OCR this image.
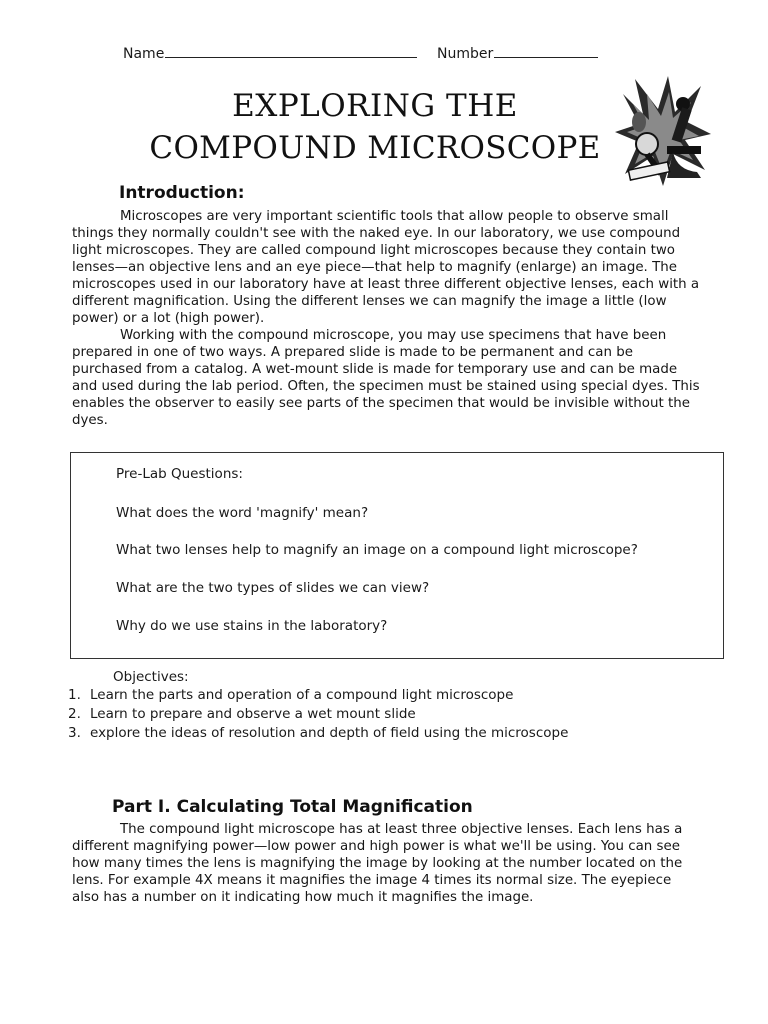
Name	Number
EXPLORING THE
COMPOUND MICROSCOPE
Introduction:

Microscopes are very important scientific tools that allow people to observe small things they normally couldn't see with the naked eye. In our laboratory, we use compound light microscopes. They are called compound light microscopes because they contain two lenses—an objective lens and an eye piece—that help to magnify (enlarge) an image. The microscopes used in our laboratory have at least three different objective lenses, each with a different magnification. Using the different lenses we can magnify the image a little (low power) or a lot (high power).

Working with the compound microscope, you may use specimens that have been prepared in one of two ways. A prepared slide is made to be permanent and can be purchased from a catalog. A wet-mount slide is made for temporary use and can be made and used during the lab period. Often, the specimen must be stained using special dyes. This enables the observer to easily see parts of the specimen that would be invisible without the dyes.

Pre-Lab Questions:
What does the word 'magnify' mean?
What two lenses help to magnify an image on a compound light microscope?
What are the two types of slides we can view?
Why do we use stains in the laboratory?
Objectives:
1. Learn the parts and operation of a compound light microscope
2. Learn to prepare and observe a wet mount slide
3. explore the ideas of resolution and depth of field using the microscope
Part I. Calculating Total Magnification

The compound light microscope has at least three objective lenses. Each lens has a different magnifying power—low power and high power is what we'll be using. You can see how many times the lens is magnifying the image by looking at the number located on the lens. For example 4X means it magnifies the image 4 times its normal size. The eyepiece also has a number on it indicating how much it magnifies the image.
